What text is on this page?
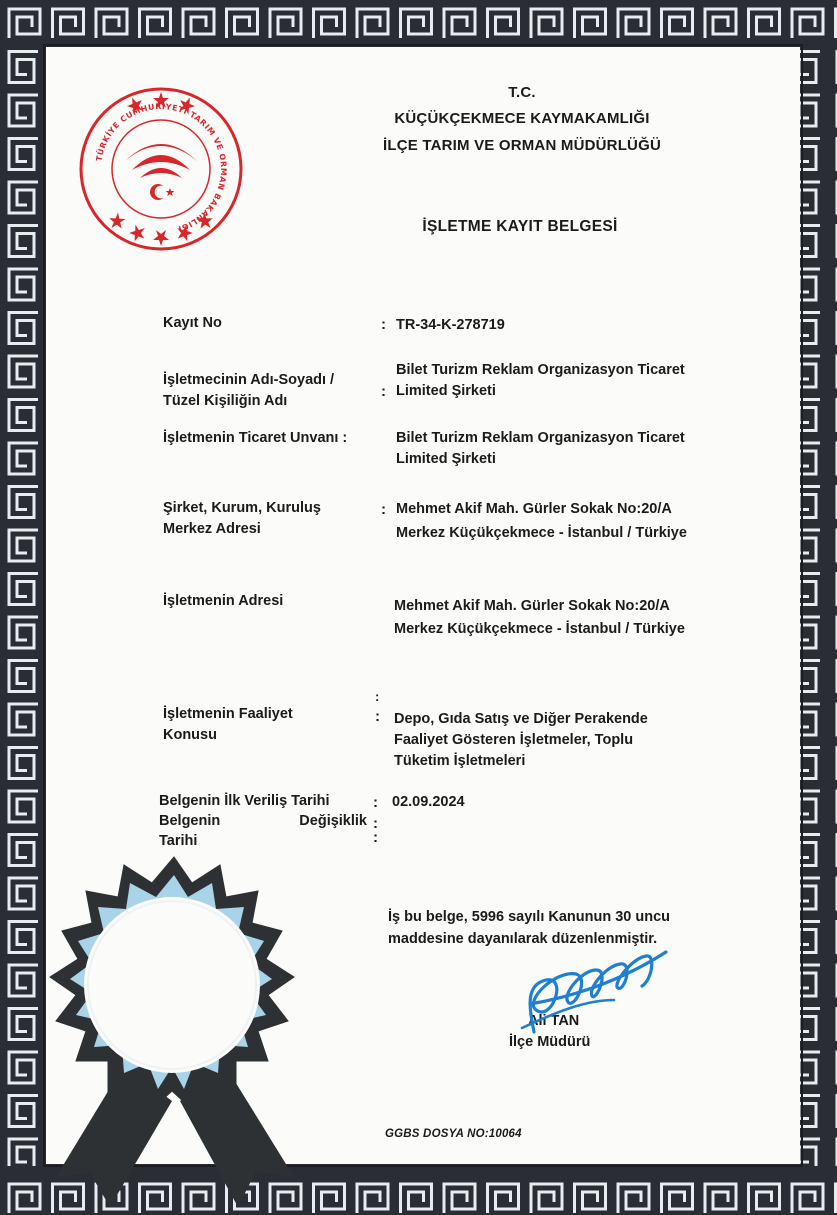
TÜRKİYE CUMHURİYETİ TARIM VE ORMAN BAKANLIĞI
T.C.
KÜÇÜKÇEKMECE KAYMAKAMLIĞI
İLÇE TARIM VE ORMAN MÜDÜRLÜĞÜ
İŞLETME KAYIT BELGESİ
Kayıt No	: TR-34-K-278719
İşletmecinin Adı-Soyadı /
Tüzel Kişiliğin Adı
:
Bilet Turizm Reklam Organizasyon Ticaret
Limited Şirketi
İşletmenin Ticaret Unvanı :	Bilet Turizm Reklam Organizasyon Ticaret
Limited Şirketi
Şirket, Kurum, Kuruluş
Merkez Adresi
: Mehmet Akif Mah. Gürler Sokak No:20/A
Merkez Küçükçekmece - İstanbul / Türkiye
İşletmenin Adresi	Mehmet Akif Mah. Gürler Sokak No:20/A
Merkez Küçükçekmece - İstanbul / Türkiye
İşletmenin Faaliyet
Konusu
:
: Depo, Gıda Satış ve Diğer Perakende
Faaliyet Gösteren İşletmeler, Toplu
Tüketim İşletmeleri
Belgenin İlk Veriliş Tarihi	: 02.09.2024
Belgenin	Değişiklik
Tarihi
:
:
İş bu belge, 5996 sayılı Kanunun 30 uncu
maddesine dayanılarak düzenlenmiştir.
Ali TAN
İlçe Müdürü
GGBS DOSYA NO:10064
